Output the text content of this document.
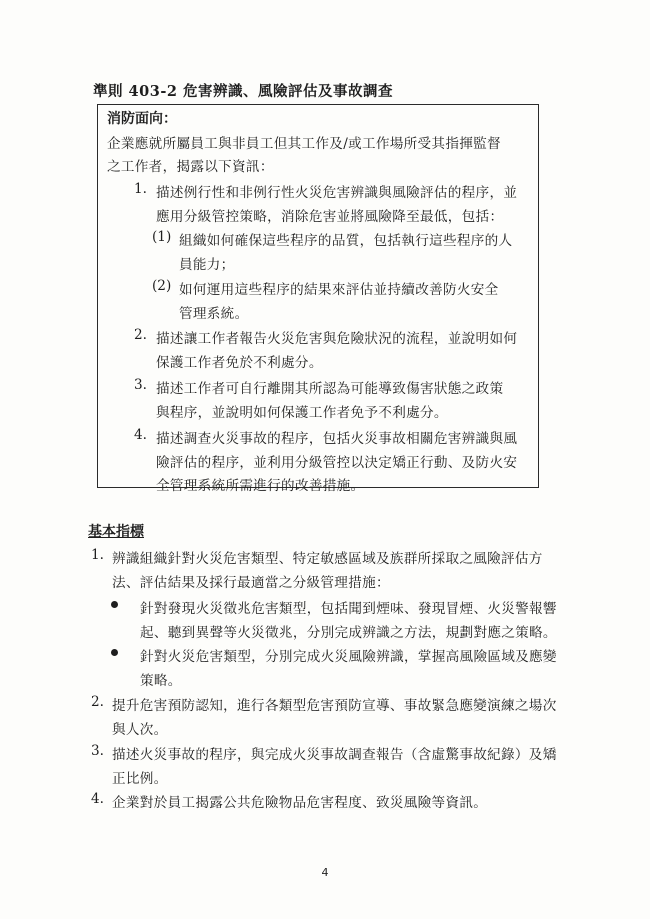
準則 403-2 危害辨識、風險評估及事故調查
消防面向：
企業應就所屬員工與非員工但其工作及/或工作場所受其指揮監督
之工作者，揭露以下資訊：
1. 描述例行性和非例行性火災危害辨識與風險評估的程序，並
應用分級管控策略，消除危害並將風險降至最低，包括：
(1) 組織如何確保這些程序的品質，包括執行這些程序的人
員能力；
(2) 如何運用這些程序的結果來評估並持續改善防火安全
管理系統。
2. 描述讓工作者報告火災危害與危險狀況的流程，並說明如何
保護工作者免於不利處分。
3. 描述工作者可自行離開其所認為可能導致傷害狀態之政策
與程序，並說明如何保護工作者免予不利處分。
4. 描述調查火災事故的程序，包括火災事故相關危害辨識與風
險評估的程序，並利用分級管控以決定矯正行動、及防火安
全管理系統所需進行的改善措施。
基本指標
1. 辨識組織針對火災危害類型、特定敏感區域及族群所採取之風險評估方
法、評估結果及採行最適當之分級管理措施：
針對發現火災徵兆危害類型，包括聞到煙味、發現冒煙、火災警報響
起、聽到異聲等火災徵兆，分別完成辨識之方法，規劃對應之策略。
針對火災危害類型，分別完成火災風險辨識，掌握高風險區域及應變
策略。
2. 提升危害預防認知，進行各類型危害預防宣導、事故緊急應變演練之場次
與人次。
3. 描述火災事故的程序，與完成火災事故調查報告（含虛驚事故紀錄）及矯
正比例。
4. 企業對於員工揭露公共危險物品危害程度、致災風險等資訊。
4
